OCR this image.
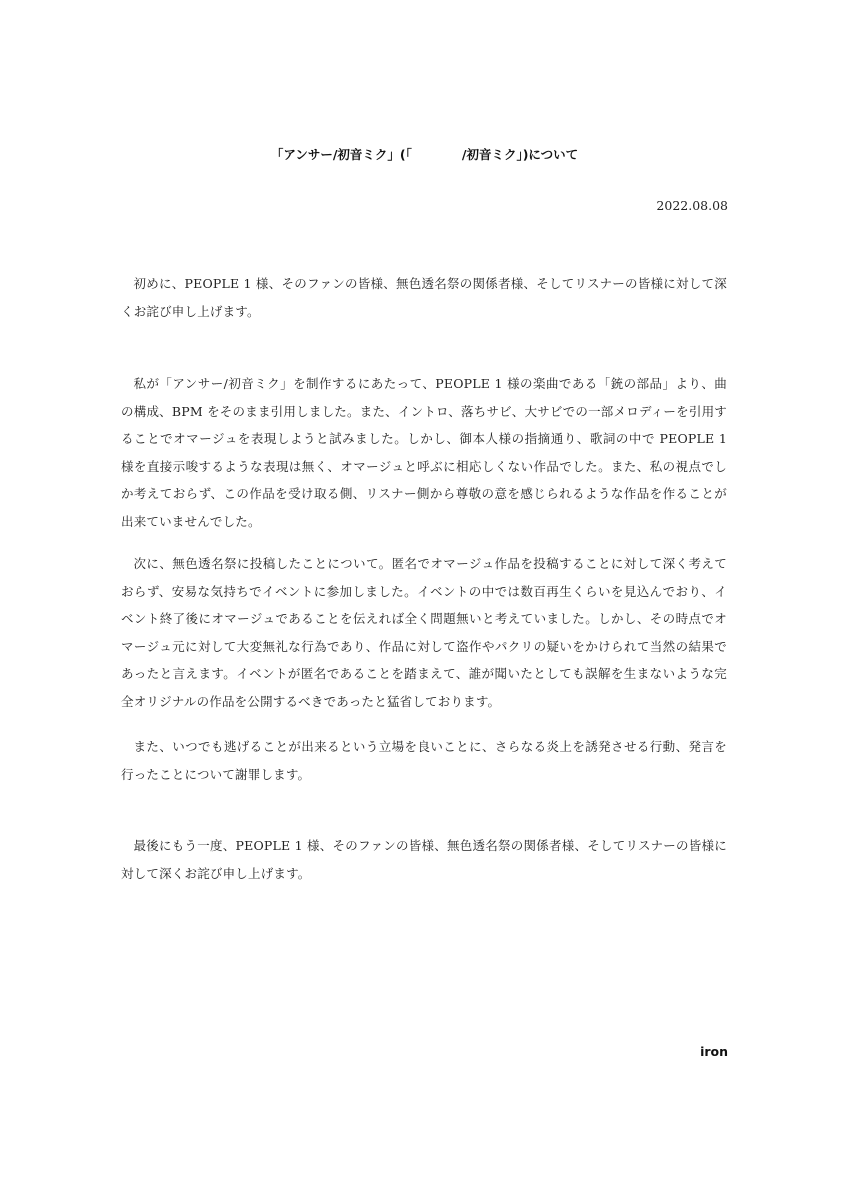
「アンサー/初音ミク」(「　　　　/初音ミク」)について
2022.08.08

初めに、PEOPLE 1 様、そのファンの皆様、無色透名祭の関係者様、そしてリスナーの皆様に対して深くお詫び申し上げます。

私が「アンサー/初音ミク」を制作するにあたって、PEOPLE 1 様の楽曲である「銃の部品」より、曲の構成、BPM をそのまま引用しました。また、イントロ、落ちサビ、大サビでの一部メロディーを引用することでオマージュを表現しようと試みました。しかし、御本人様の指摘通り、歌詞の中で PEOPLE 1 様を直接示唆するような表現は無く、オマージュと呼ぶに相応しくない作品でした。また、私の視点でしか考えておらず、この作品を受け取る側、リスナー側から尊敬の意を感じられるような作品を作ることが出来ていませんでした。

次に、無色透名祭に投稿したことについて。匿名でオマージュ作品を投稿することに対して深く考えておらず、安易な気持ちでイベントに参加しました。イベントの中では数百再生くらいを見込んでおり、イベント終了後にオマージュであることを伝えれば全く問題無いと考えていました。しかし、その時点でオマージュ元に対して大変無礼な行為であり、作品に対して盗作やパクリの疑いをかけられて当然の結果であったと言えます。イベントが匿名であることを踏まえて、誰が聞いたとしても誤解を生まないような完全オリジナルの作品を公開するべきであったと猛省しております。

また、いつでも逃げることが出来るという立場を良いことに、さらなる炎上を誘発させる行動、発言を行ったことについて謝罪します。

最後にもう一度、PEOPLE 1 様、そのファンの皆様、無色透名祭の関係者様、そしてリスナーの皆様に対して深くお詫び申し上げます。

iron
